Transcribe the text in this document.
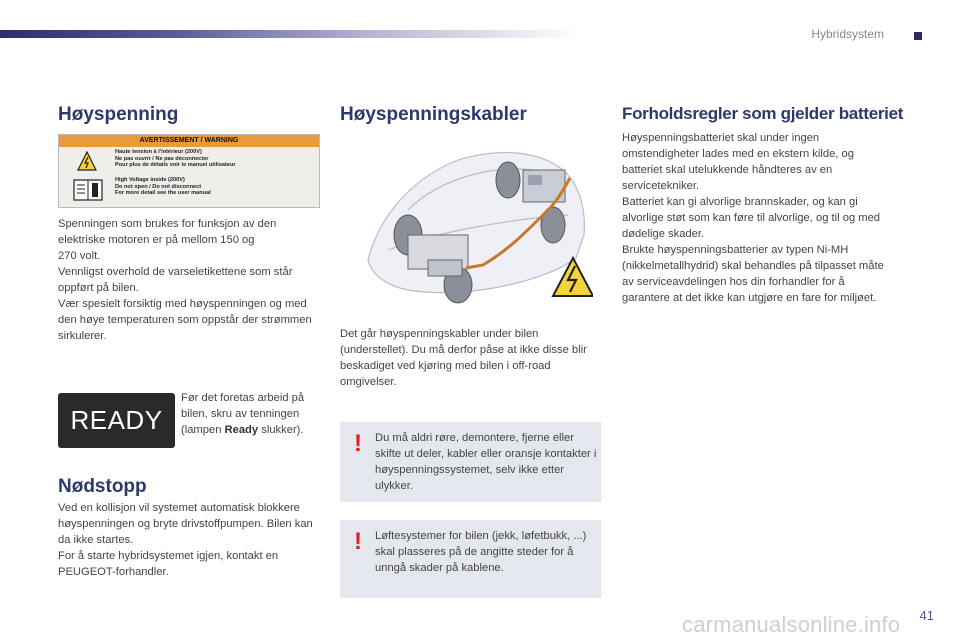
Hybridsystem
Høyspenning
AVERTISSEMENT / WARNING
Haute tension à l'intérieur (200V)
Ne pas ouvrir / Ne pas déconnecter
Pour plus de détails voir le manuel utilisateur
High Voltage inside (200V)
Do not open / Do not disconnect
For more detail see the user manual

Spenningen som brukes for funksjon av den elektriske motoren er på mellom 150 og
270 volt.
Vennligst overhold de varseletikettene som står oppført på bilen.
Vær spesielt forsiktig med høyspenningen og med den høye temperaturen som oppstår der strømmen sirkulerer.

READY

Før det foretas arbeid på bilen, skru av tenningen (lampen Ready slukker).

Nødstopp

Ved en kollisjon vil systemet automatisk blokkere høyspenningen og bryte drivstoffpumpen. Bilen kan da ikke startes.
For å starte hybridsystemet igjen, kontakt en PEUGEOT-forhandler.

Høyspenningskabler

Det går høyspenningskabler under bilen (understellet). Du må derfor påse at ikke disse blir beskadiget ved kjøring med bilen i off-road omgivelser.

! Du må aldri røre, demontere, fjerne eller skifte ut deler, kabler eller oransje kontakter i høyspenningssystemet, selv ikke etter ulykker.
! Løftesystemer for bilen (jekk, løfetbukk, ...) skal plasseres på de angitte steder for å unngå skader på kablene.
Forholdsregler som gjelder batteriet

Høyspenningsbatteriet skal under ingen omstendigheter lades med en ekstern kilde, og batteriet skal utelukkende håndteres av en servicetekniker.
Batteriet kan gi alvorlige brannskader, og kan gi alvorlige støt som kan føre til alvorlige, og til og med dødelige skader.
Brukte høyspenningsbatterier av typen Ni-MH (nikkelmetallhydrid) skal behandles på tilpasset måte av serviceavdelingen hos din forhandler for å garantere at det ikke kan utgjøre en fare for miljøet.

41
carmanualsonline.info
